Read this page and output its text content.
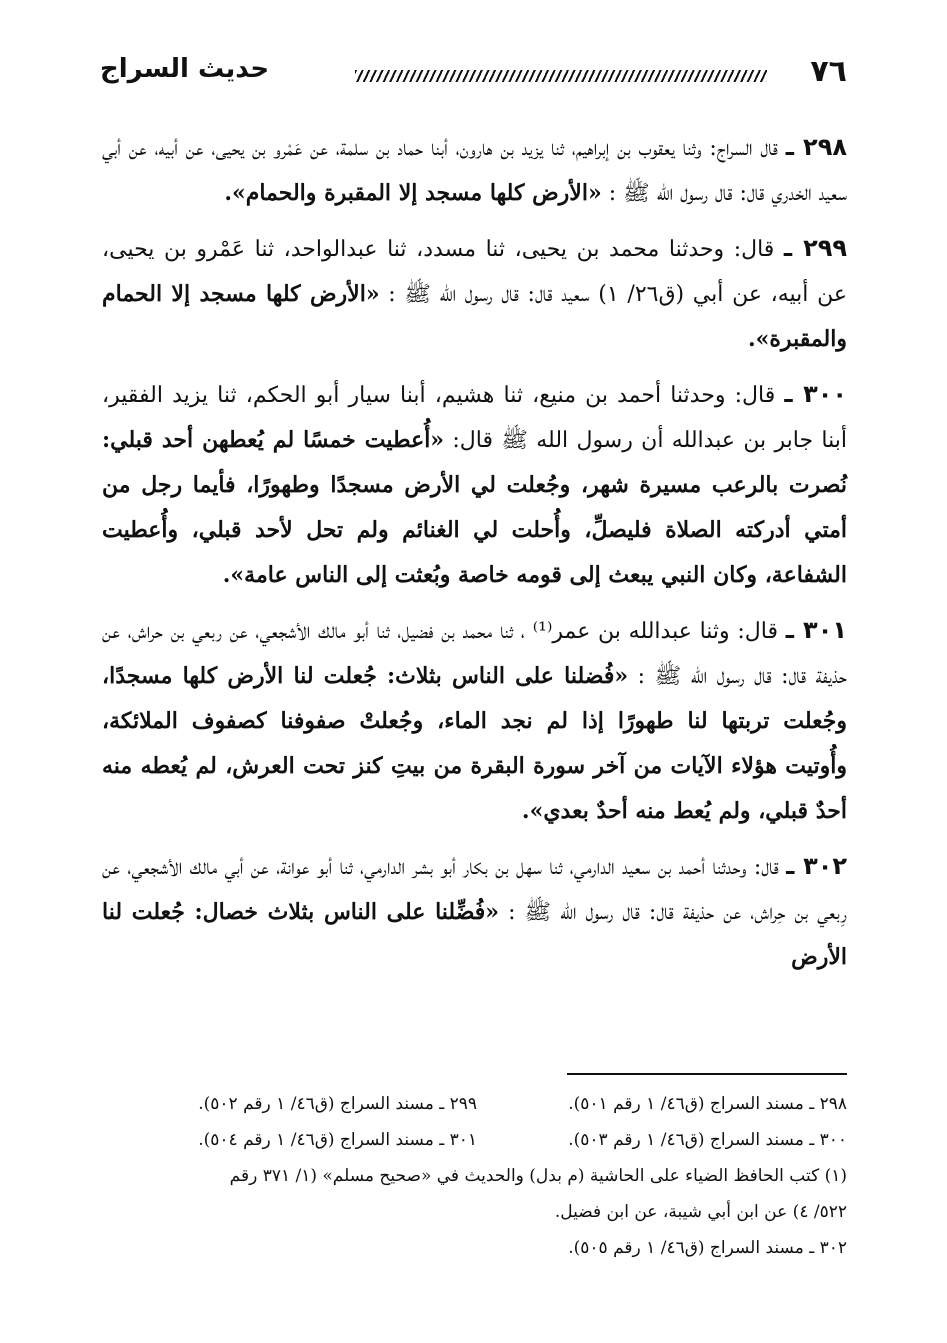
٧٦
حديث السراج

٢٩٨ ـ قال السراج: وثنا يعقوب بن إبراهيم، ثنا يزيد بن هارون، أبنا حماد بن سلمة، عن عَمْرو بن يحيى، عن أبيه، عن أبي سعيد الخدري قال: قال رسول الله ﷺ : «الأرض كلها مسجد إلا المقبرة والحمام».

٢٩٩ ـ قال: وحدثنا محمد بن يحيى، ثنا مسدد، ثنا عبدالواحد، ثنا عَمْرو بن يحيى، عن أبيه، عن أبي (ق٢٦/ ١) سعيد قال: قال رسول الله ﷺ : «الأرض كلها مسجد إلا الحمام والمقبرة».

٣٠٠ ـ قال: وحدثنا أحمد بن منيع، ثنا هشيم، أبنا سيار أبو الحكم، ثنا يزيد الفقير، أبنا جابر بن عبدالله أن رسول الله ﷺ قال: «أُعطيت خمسًا لم يُعطهن أحد قبلي: نُصرت بالرعب مسيرة شهر، وجُعلت لي الأرض مسجدًا وطهورًا، فأيما رجل من أمتي أدركته الصلاة فليصلِّ، وأُحلت لي الغنائم ولم تحل لأحد قبلي، وأُعطيت الشفاعة، وكان النبي يبعث إلى قومه خاصة وبُعثت إلى الناس عامة».

٣٠١ ـ قال: وثنا عبدالله بن عمر⁽¹⁾ ، ثنا محمد بن فضيل، ثنا أبو مالك الأشجعي، عن ربعي بن حراش، عن حذيفة قال: قال رسول الله ﷺ : «فُضلنا على الناس بثلاث: جُعلت لنا الأرض كلها مسجدًا، وجُعلت تربتها لنا طهورًا إذا لم نجد الماء، وجُعلتْ صفوفنا كصفوف الملائكة، وأُوتيت هؤلاء الآيات من آخر سورة البقرة من بيتِ كنز تحت العرش، لم يُعطه منه أحدٌ قبلي، ولم يُعط منه أحدٌ بعدي».

٣٠٢ ـ قال: وحدثنا أحمد بن سعيد الدارمي، ثنا سهل بن بكار أبو بشر الدارمي، ثنا أبو عوانة، عن أبي مالك الأشجعي، عن رِبعي بن حِراش، عن حذيفة قال: قال رسول الله ﷺ : «فُضِّلنا على الناس بثلاث خصال: جُعلت لنا الأرض

٢٩٨ ـ مسند السراج (ق٤٦/ ١ رقم ٥٠١).
٢٩٩ ـ مسند السراج (ق٤٦/ ١ رقم ٥٠٢).
٣٠٠ ـ مسند السراج (ق٤٦/ ١ رقم ٥٠٣).
٣٠١ ـ مسند السراج (ق٤٦/ ١ رقم ٥٠٤).
(١) كتب الحافظ الضياء على الحاشية (م بدل) والحديث في «صحيح مسلم» (١/ ٣٧١ رقم
٥٢٢/ ٤) عن ابن أبي شيبة، عن ابن فضيل.
٣٠٢ ـ مسند السراج (ق٤٦/ ١ رقم ٥٠٥).
